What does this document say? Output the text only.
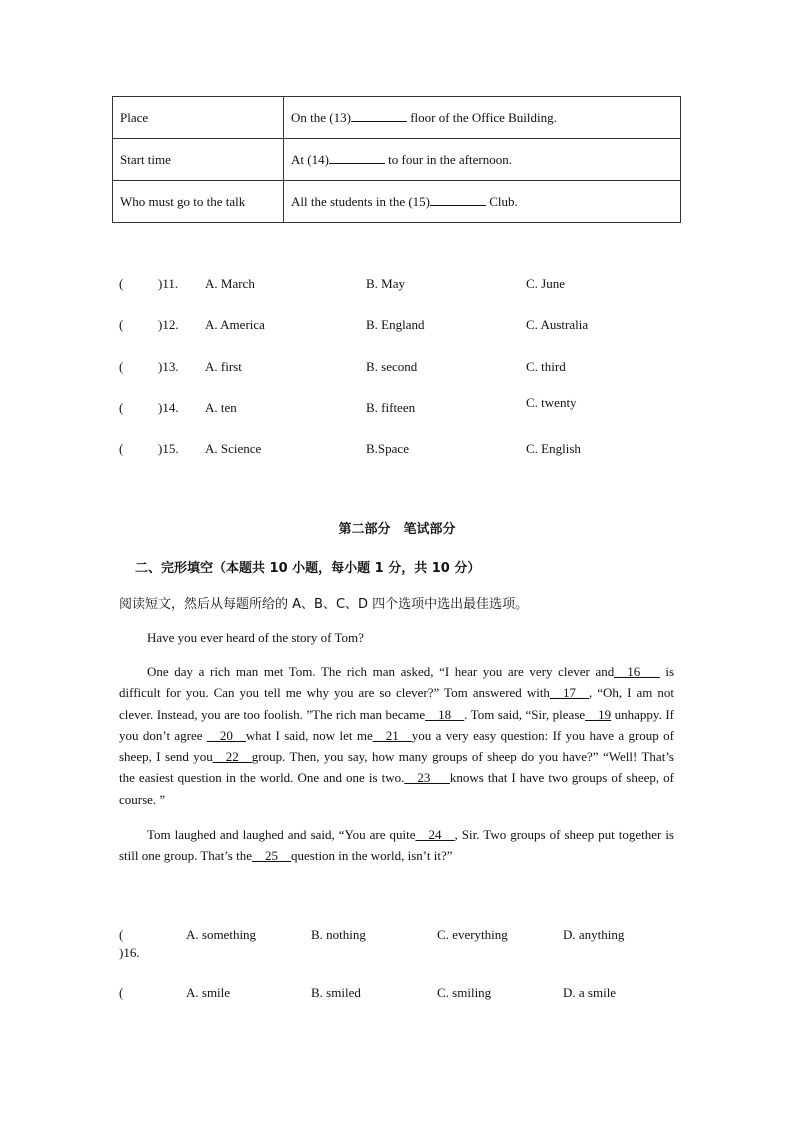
Place	On the (13) floor of the Office Building.
Start time	At (14) to four in the afternoon.
Who must go to the talk	All the students in the (15) Club.
(	)11. A. March	B. May	C. June
(	)12. A. America	B. England	C. Australia
(	)13. A. first	B. second	C. third
(	)14. A. ten	B. fifteen	C. twenty
(	)15. A. Science	B.Space	C. English
第二部分　笔试部分
二、完形填空（本题共 10 小题，每小题 1 分，共 10 分）
阅读短文，然后从每题所给的 A、B、C、D 四个选项中选出最佳选项。

Have you ever heard of the story of Tom?

One day a rich man met Tom. The rich man asked, “I hear you are very clever and__16___ is difficult for you. Can you tell me why you are so clever?” Tom answered with__17__, “Oh, I am not clever. Instead, you are too foolish. ”The rich man became__18__. Tom said, “Sir, please__19 unhappy. If you don’t agree __20__what I said, now let me__21__you a very easy question: If you have a group of sheep, I send you__22__group. Then, you say, how many groups of sheep do you have?” “Well! That’s the easiest question in the world. One and one is two.__23___knows that I have two groups of sheep, of course. ”

Tom laughed and laughed and said, “You are quite__24__, Sir. Two groups of sheep put together is still one group. That’s the__25__question in the world, isn’t it?”

(
)16.
A. something	B. nothing	C. everything	D. anything
(	A. smile	B. smiled	C. smiling	D. a smile
